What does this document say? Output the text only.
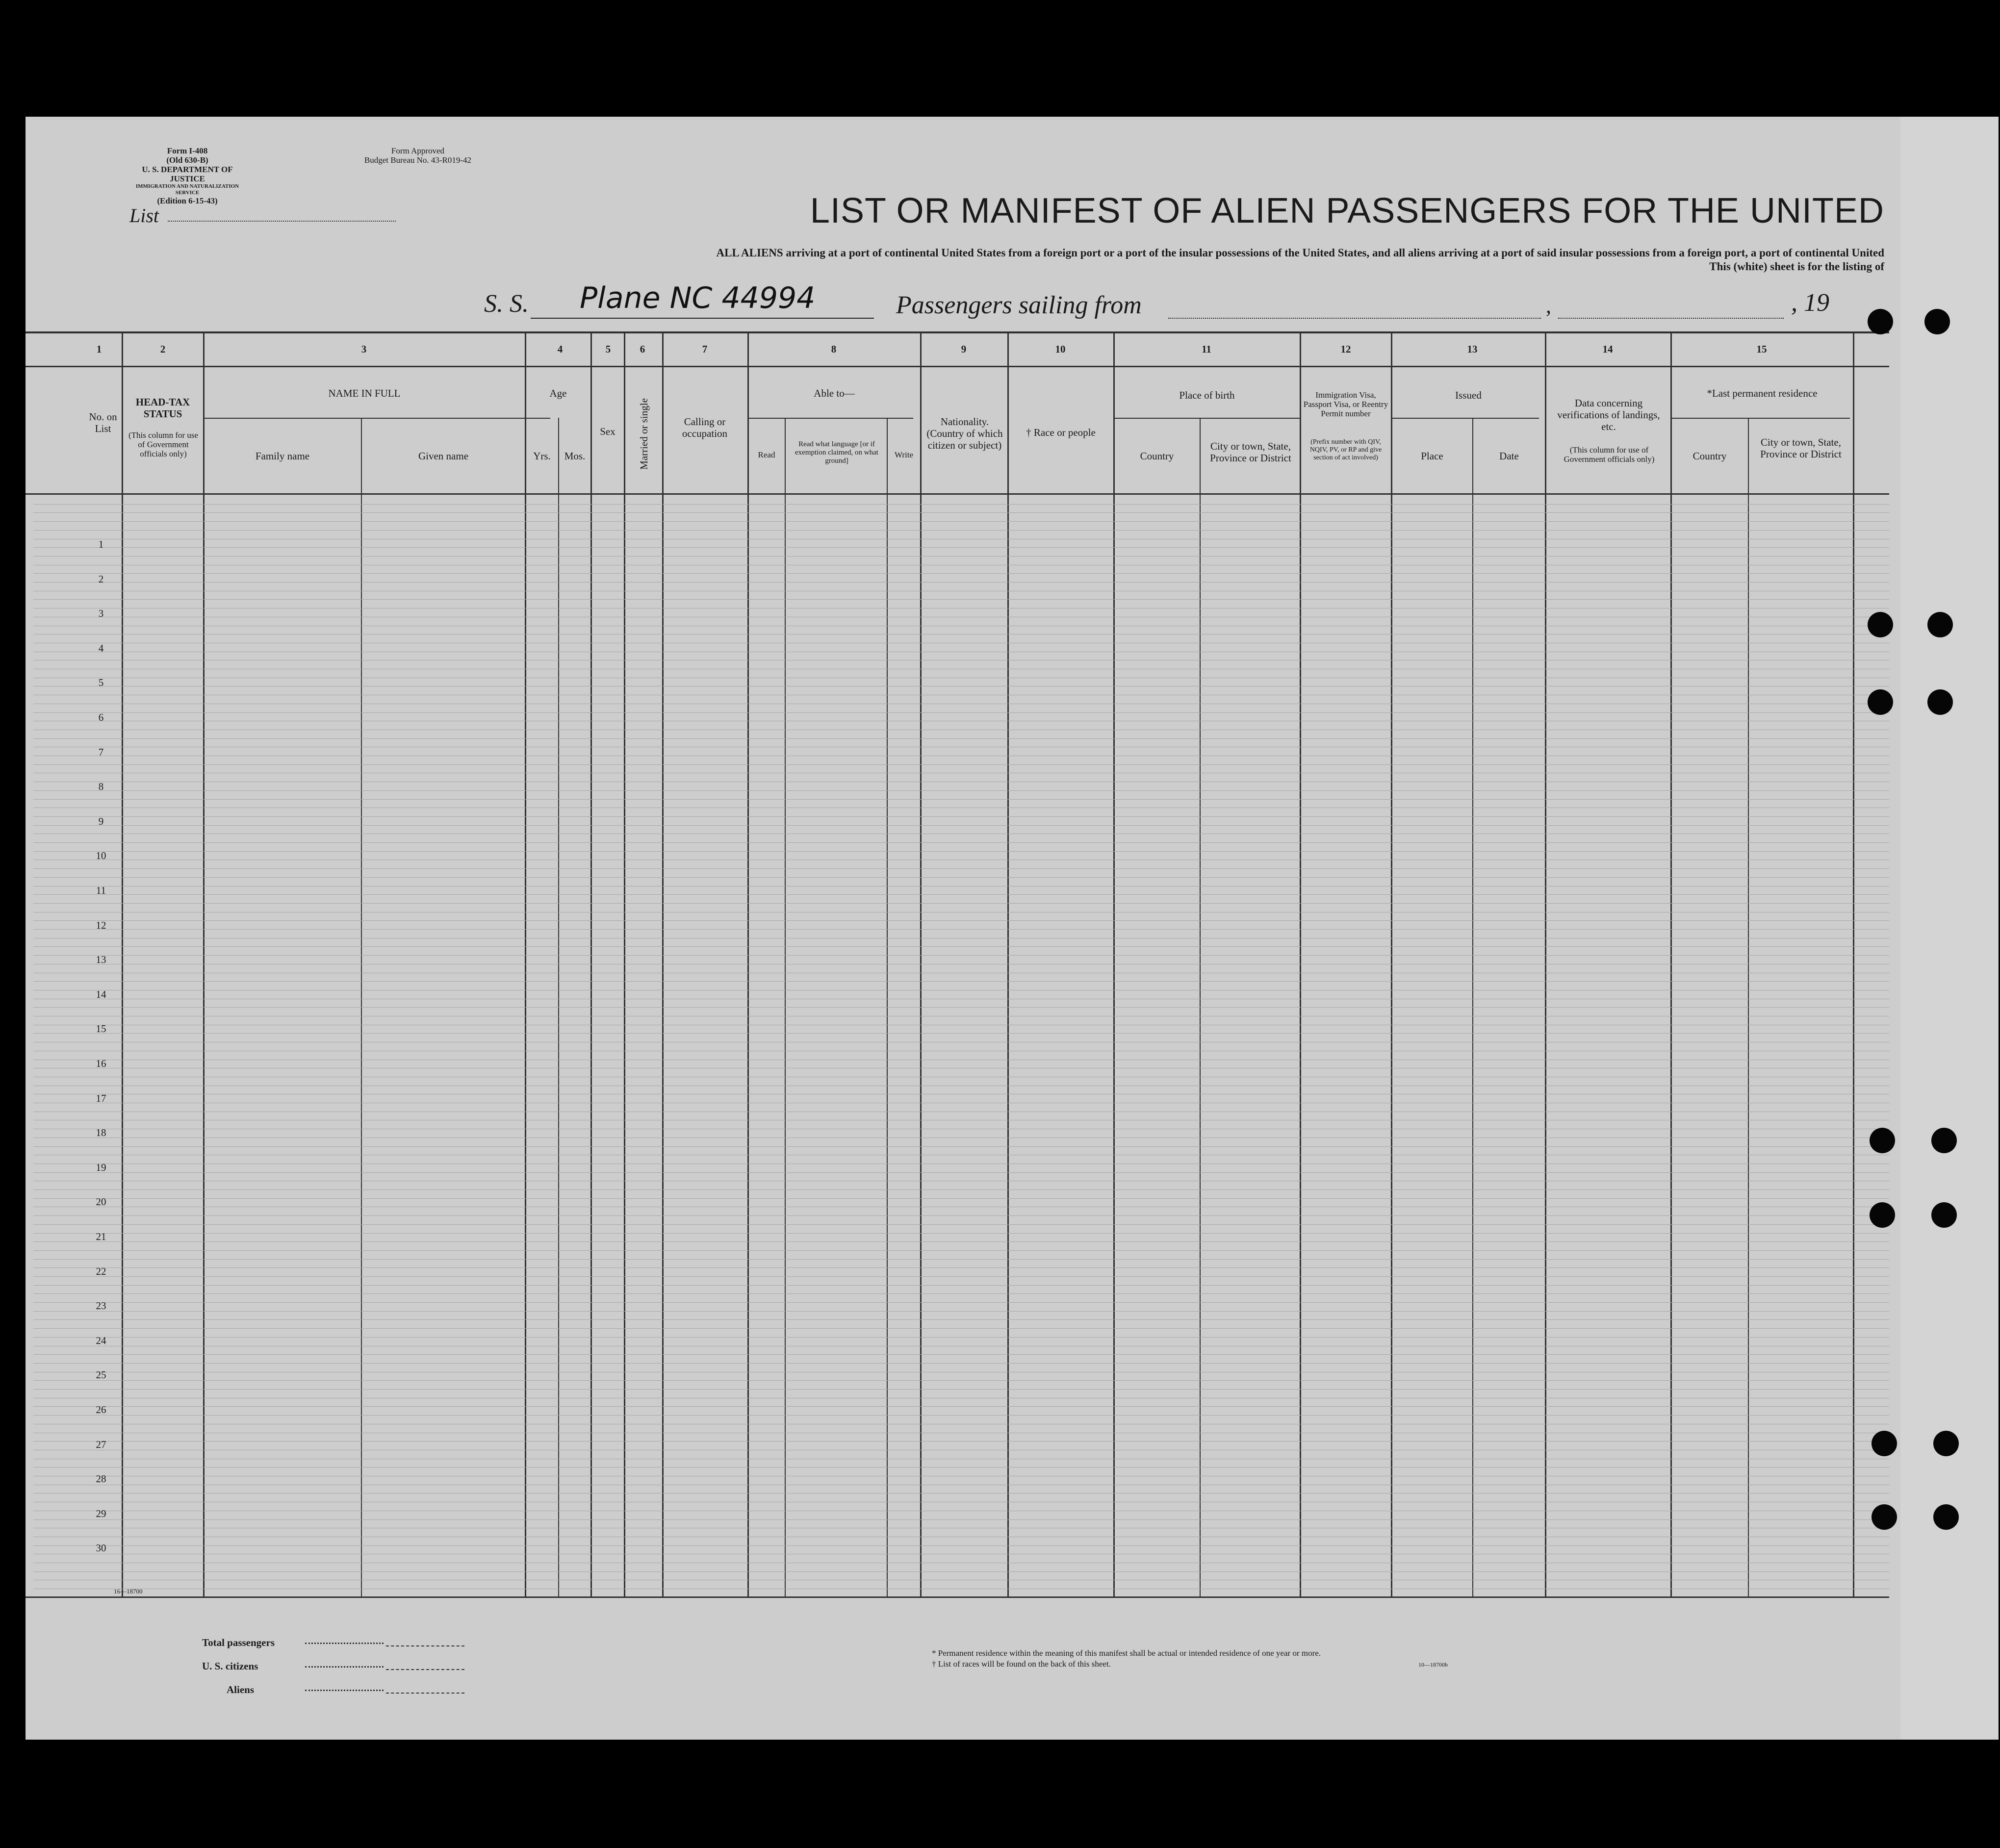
Form I-408
(Old 630-B)
U. S. DEPARTMENT OF JUSTICE
IMMIGRATION AND NATURALIZATION SERVICE
(Edition 6-15-43)
Form Approved
Budget Bureau No. 43-R019-42
List	LIST OR MANIFEST OF ALIEN PASSENGERS FOR THE UNITED
ALL ALIENS arriving at a port of continental United States from a foreign port or a port of the insular possessions of the United States, and all aliens arriving at a port of said insular possessions from a foreign port, a port of continental United
This (white) sheet is for the listing of
S. S. Plane NC 44994	Passengers sailing from	,	, 19
1	2	3	4	5	6	7	8	9	10	11	12	13	14	15
No. on List
HEAD-TAX STATUS
(This column for use of Government officials only)
NAME IN FULL
Family name	Given name
Age
Yrs.	Mos.
Sex	Married or single	Calling or occupation
Able to—
Read
Read what language [or if exemption claimed, on what ground]
Write
Nationality. (Country of which citizen or subject)
† Race or people
Place of birth
Country
City or town, State, Province or District
Immigration Visa, Passport Visa, or Reentry Permit number
(Prefix number with QIV, NQIV, PV, or RP and give section of act involved)
Issued
Place	Date
Data concerning verifications of landings, etc.
(This column for use of Government officials only)
*Last permanent residence
Country
City or town, State, Province or District
1
2
3
4
5
6
7
8
9
10
11
12
13
14
15
16
17
18
19
20
21
22
23
24
25
26
27
28
29
30
16—18700
Total passengers
U. S. citizens
Aliens
* Permanent residence within the meaning of this manifest shall be actual or intended residence of one year or more.
† List of races will be found on the back of this sheet.	10—18700b
